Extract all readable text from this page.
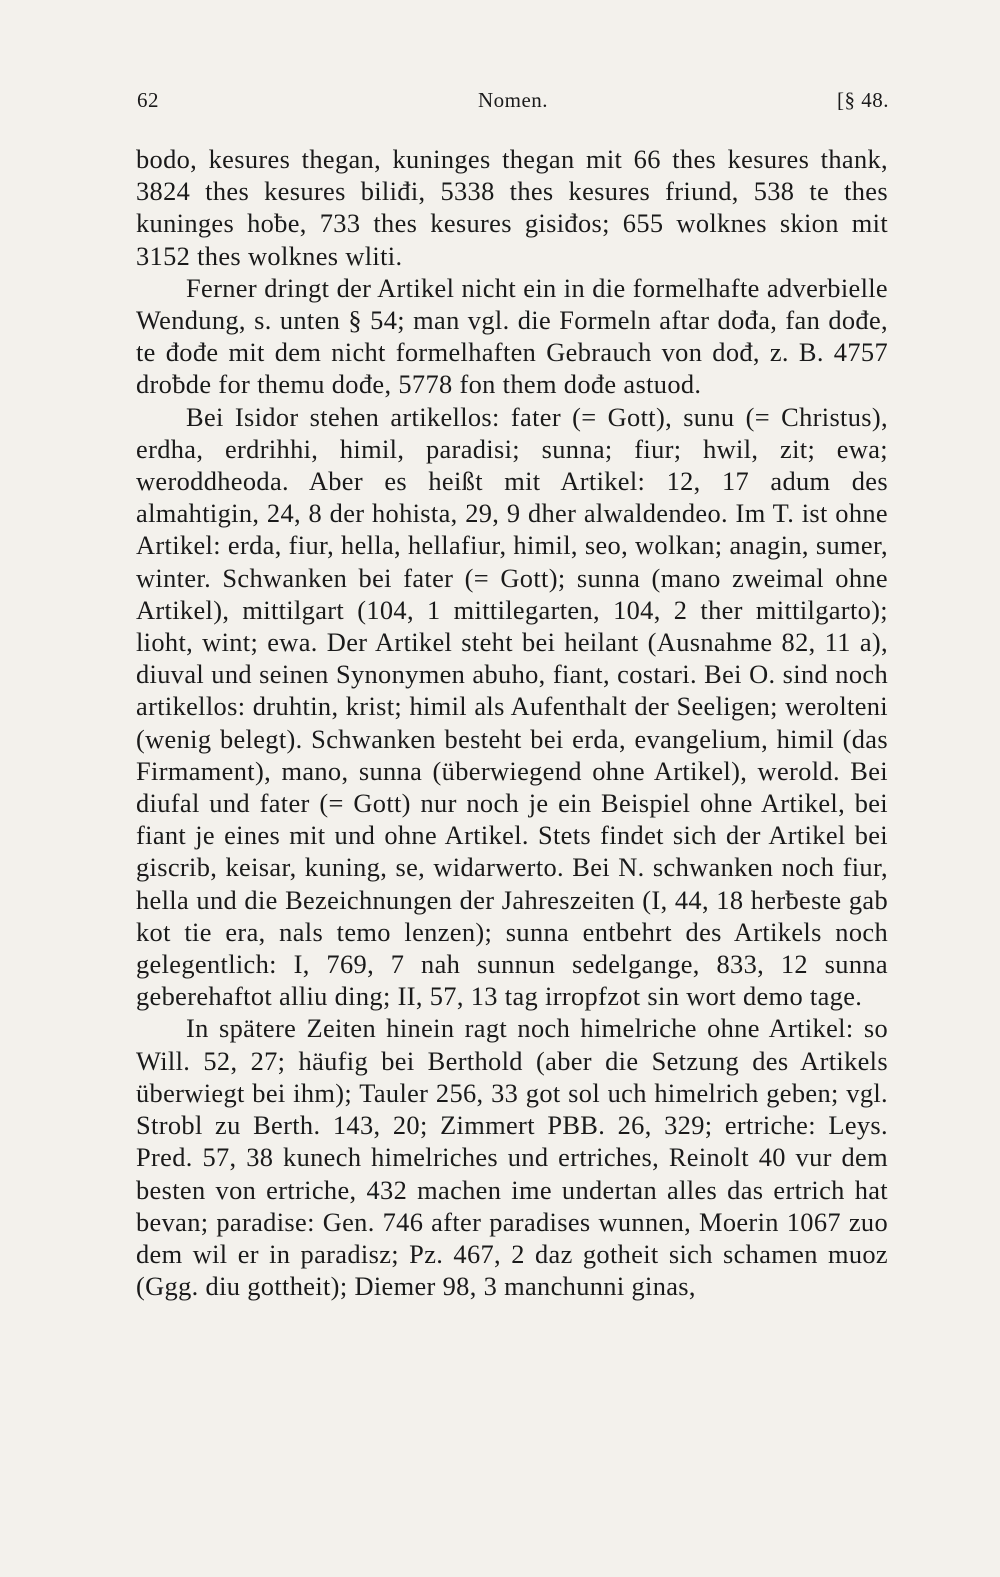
62	Nomen.	[§ 48.

bodo, kesures thegan, kuninges thegan mit 66 thes kesures thank, 3824 thes kesures biliđi, 5338 thes kesures friund, 538 te thes kuninges hoƀe, 733 thes kesures gisiđos; 655 wolknes skion mit 3152 thes wolknes wliti.

Ferner dringt der Artikel nicht ein in die formelhafte adverbielle Wendung, s. unten § 54; man vgl. die Formeln aftar dođa, fan dođe, te đođe mit dem nicht formelhaften Gebrauch von dođ, z. B. 4757 droƀde for themu dođe, 5778 fon them dođe astuod.

Bei Isidor stehen artikellos: fater (= Gott), sunu (= Christus), erdha, erdrihhi, himil, paradisi; sunna; fiur; hwil, zit; ewa; weroddheoda. Aber es heißt mit Artikel: 12, 17 adum des almahtigin, 24, 8 der hohista, 29, 9 dher alwaldendeo. Im T. ist ohne Artikel: erda, fiur, hella, hellafiur, himil, seo, wolkan; anagin, sumer, winter. Schwanken bei fater (= Gott); sunna (mano zweimal ohne Artikel), mittilgart (104, 1 mittilegarten, 104, 2 ther mittilgarto); lioht, wint; ewa. Der Artikel steht bei heilant (Ausnahme 82, 11 a), diuval und seinen Synonymen abuho, fiant, costari. Bei O. sind noch artikellos: druhtin, krist; himil als Aufenthalt der Seeligen; werolteni (wenig belegt). Schwanken besteht bei erda, evangelium, himil (das Firmament), mano, sunna (überwiegend ohne Artikel), werold. Bei diufal und fater (= Gott) nur noch je ein Beispiel ohne Artikel, bei fiant je eines mit und ohne Artikel. Stets findet sich der Artikel bei giscrib, keisar, kuning, se, widarwerto. Bei N. schwanken noch fiur, hella und die Bezeichnungen der Jahreszeiten (I, 44, 18 herƀeste gab kot tie era, nals temo lenzen); sunna entbehrt des Artikels noch gelegentlich: I, 769, 7 nah sunnun sedelgange, 833, 12 sunna geberehaftot alliu ding; II, 57, 13 tag irropfzot sin wort demo tage.

In spätere Zeiten hinein ragt noch himelriche ohne Artikel: so Will. 52, 27; häufig bei Berthold (aber die Setzung des Artikels überwiegt bei ihm); Tauler 256, 33 got sol uch himelrich geben; vgl. Strobl zu Berth. 143, 20; Zimmert PBB. 26, 329; ertriche: Leys. Pred. 57, 38 kunech himelriches und ertriches, Reinolt 40 vur dem besten von ertriche, 432 machen ime undertan alles das ertrich hat bevan; paradise: Gen. 746 after paradises wunnen, Moerin 1067 zuo dem wil er in paradisz; Pz. 467, 2 daz gotheit sich schamen muoz (Ggg. diu gottheit); Diemer 98, 3 manchunni ginas,
